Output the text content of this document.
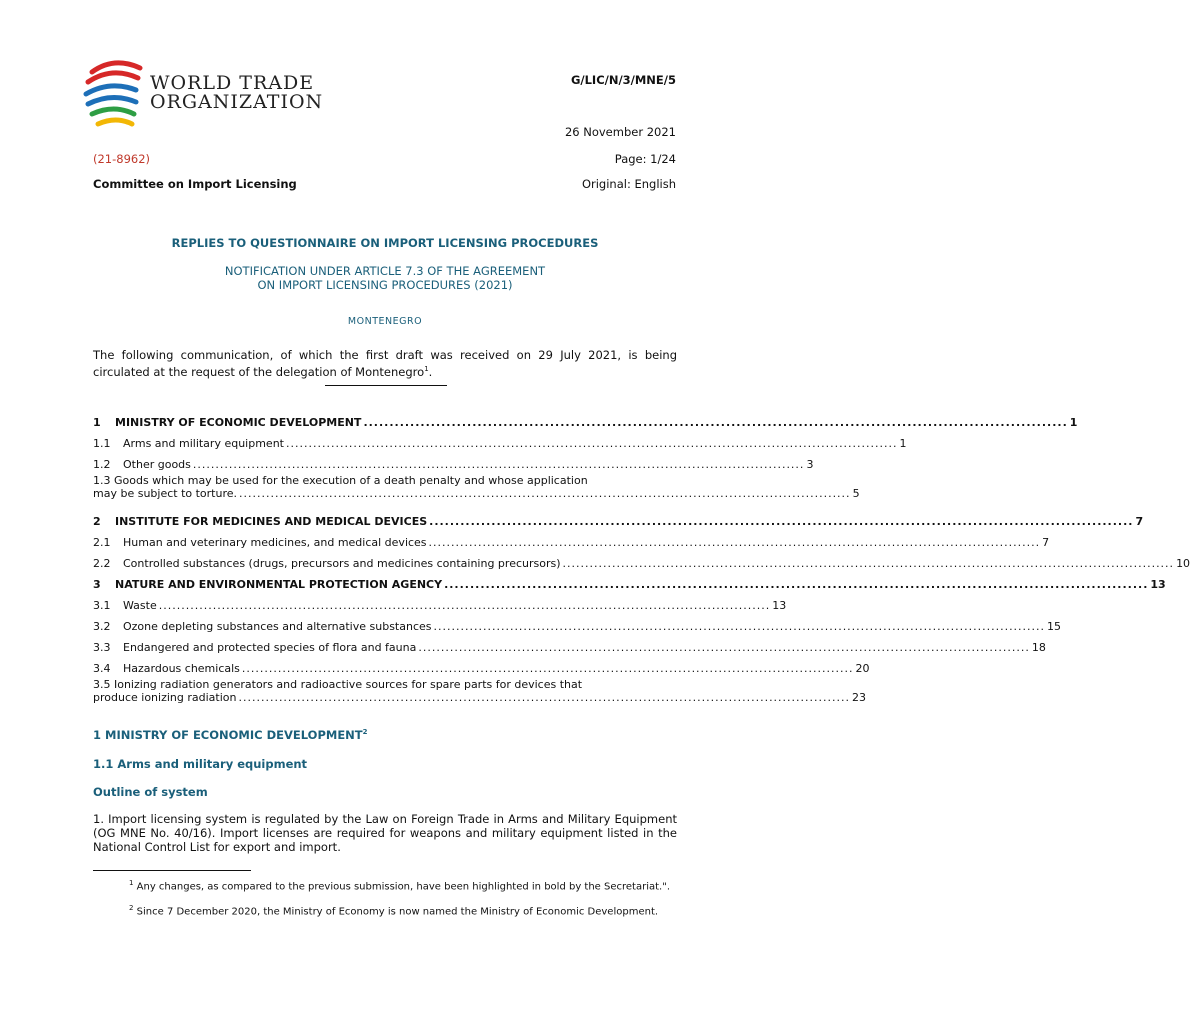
WORLD TRADE
ORGANIZATION
G/LIC/N/3/MNE/5
26 November 2021
(21-8962)	Page: 1/24
Committee on Import Licensing	Original: English
REPLIES TO QUESTIONNAIRE ON IMPORT LICENSING PROCEDURES
NOTIFICATION UNDER ARTICLE 7.3 OF THE AGREEMENT
ON IMPORT LICENSING PROCEDURES (2021)
MONTENEGRO
The following communication, of which the first draft was received on 29 July 2021, is being circulated at the request of the delegation of Montenegro$^1$.
1 MINISTRY OF ECONOMIC DEVELOPMENT ........................................................................................................................................ 1
1.1 Arms and military equipment ........................................................................................................................................ 1
1.2 Other goods ........................................................................................................................................ 3
1.3 Goods which may be used for the execution of a death penalty and whose application
may be subject to torture. ........................................................................................................................................ 5
2 INSTITUTE FOR MEDICINES AND MEDICAL DEVICES ........................................................................................................................................ 7
2.1 Human and veterinary medicines, and medical devices ........................................................................................................................................ 7
2.2 Controlled substances (drugs, precursors and medicines containing precursors) ........................................................................................................................................ 10
3 NATURE AND ENVIRONMENTAL PROTECTION AGENCY ........................................................................................................................................ 13
3.1 Waste ........................................................................................................................................ 13
3.2 Ozone depleting substances and alternative substances ........................................................................................................................................ 15
3.3 Endangered and protected species of flora and fauna ........................................................................................................................................ 18
3.4 Hazardous chemicals ........................................................................................................................................ 20
3.5 Ionizing radiation generators and radioactive sources for spare parts for devices that
produce ionizing radiation ........................................................................................................................................ 23
1 MINISTRY OF ECONOMIC DEVELOPMENT$^2$
1.1 Arms and military equipment
Outline of system
1. Import licensing system is regulated by the Law on Foreign Trade in Arms and Military Equipment (OG MNE No. 40/16). Import licenses are required for weapons and military equipment listed in the National Control List for export and import.
$^1$ Any changes, as compared to the previous submission, have been highlighted in bold by the Secretariat.".
$^2$ Since 7 December 2020, the Ministry of Economy is now named the Ministry of Economic Development.
